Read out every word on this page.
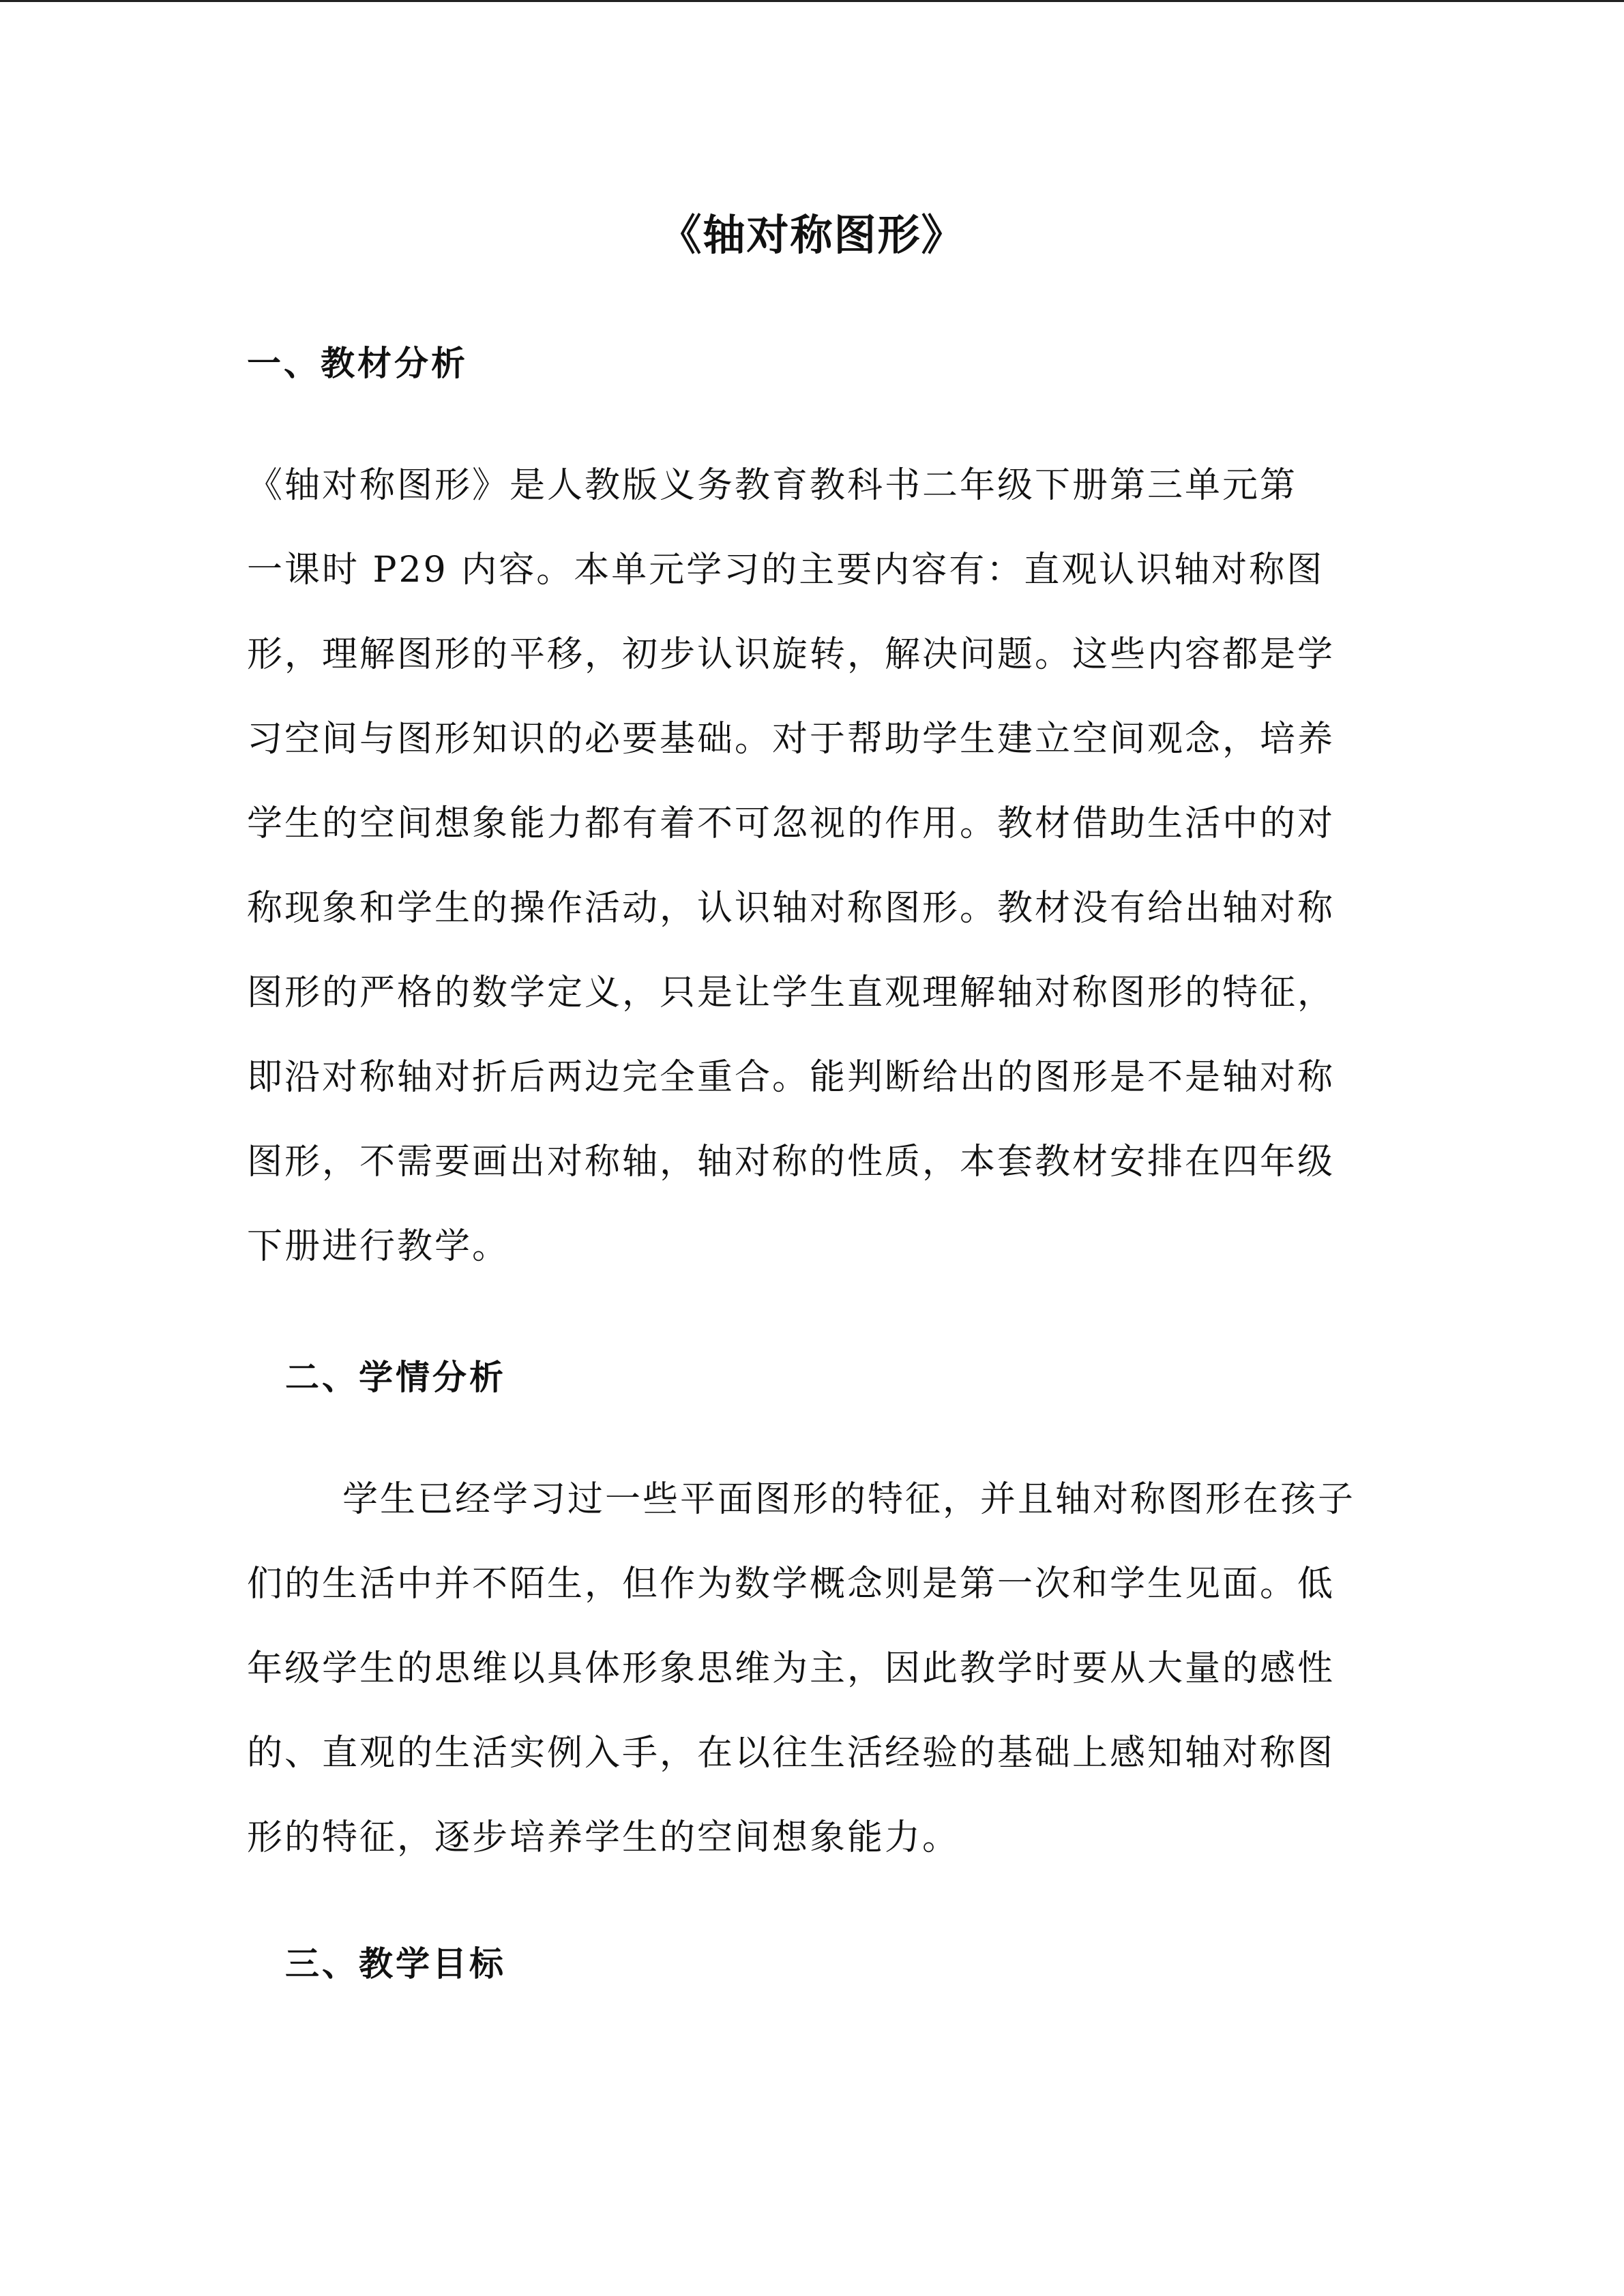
《轴对称图形》
一、教材分析
《轴对称图形》是人教版义务教育教科书二年级下册第三单元第
一课时 P29 内容。本单元学习的主要内容有：直观认识轴对称图
形，理解图形的平移，初步认识旋转，解决问题。这些内容都是学
习空间与图形知识的必要基础。对于帮助学生建立空间观念，培养
学生的空间想象能力都有着不可忽视的作用。教材借助生活中的对
称现象和学生的操作活动，认识轴对称图形。教材没有给出轴对称
图形的严格的数学定义，只是让学生直观理解轴对称图形的特征，
即沿对称轴对折后两边完全重合。能判断给出的图形是不是轴对称
图形，不需要画出对称轴，轴对称的性质，本套教材安排在四年级
下册进行教学。
二、学情分析
学生已经学习过一些平面图形的特征，并且轴对称图形在孩子
们的生活中并不陌生，但作为数学概念则是第一次和学生见面。低
年级学生的思维以具体形象思维为主，因此教学时要从大量的感性
的、直观的生活实例入手，在以往生活经验的基础上感知轴对称图
形的特征，逐步培养学生的空间想象能力。
三、教学目标
